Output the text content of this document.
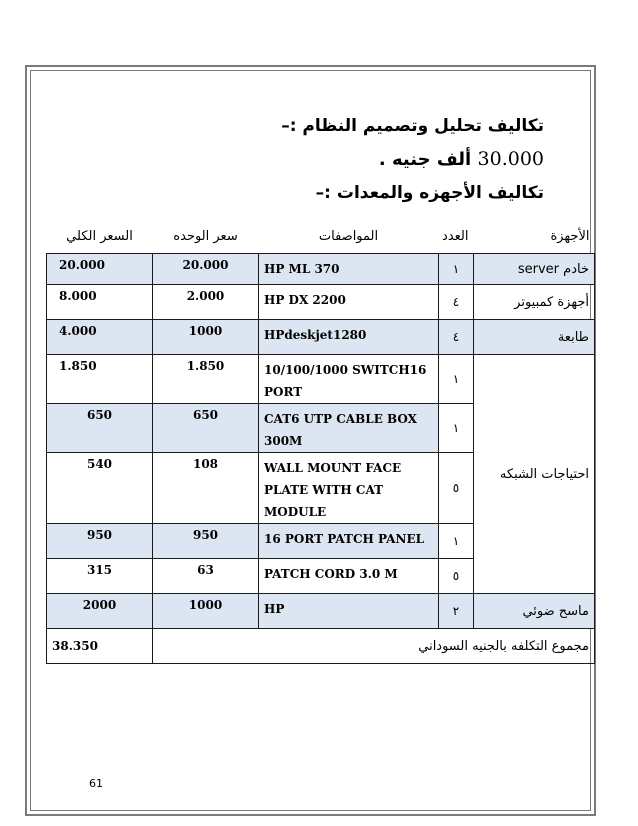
تكاليف تحليل وتصميم النظام :–
30.000 ألف جنيه .
تكاليف الأجهزه والمعدات :–
الأجهزة	العدد	المواصفات	سعر الوحده	السعر الكلي
خادم server	١	HP ML 370	20.000	20.000
أجهزة كمبيوتر	٤	HP DX 2200	2.000	8.000
طابعة	٤	HPdeskjet1280	1000	4.000
احتياجات الشبكه	١	10/100/1000 SWITCH16 PORT	1.850	1.850
	١	CAT6 UTP CABLE BOX 300M	650	650
	٥	WALL MOUNT FACE PLATE WITH CAT MODULE	108	540
	١	16 PORT PATCH PANEL	950	950
	٥	PATCH CORD 3.0 M	63	315
ماسح ضوئي	٢	HP	1000	2000
مجموع التكلفه بالجنيه السوداني				38.350
61
